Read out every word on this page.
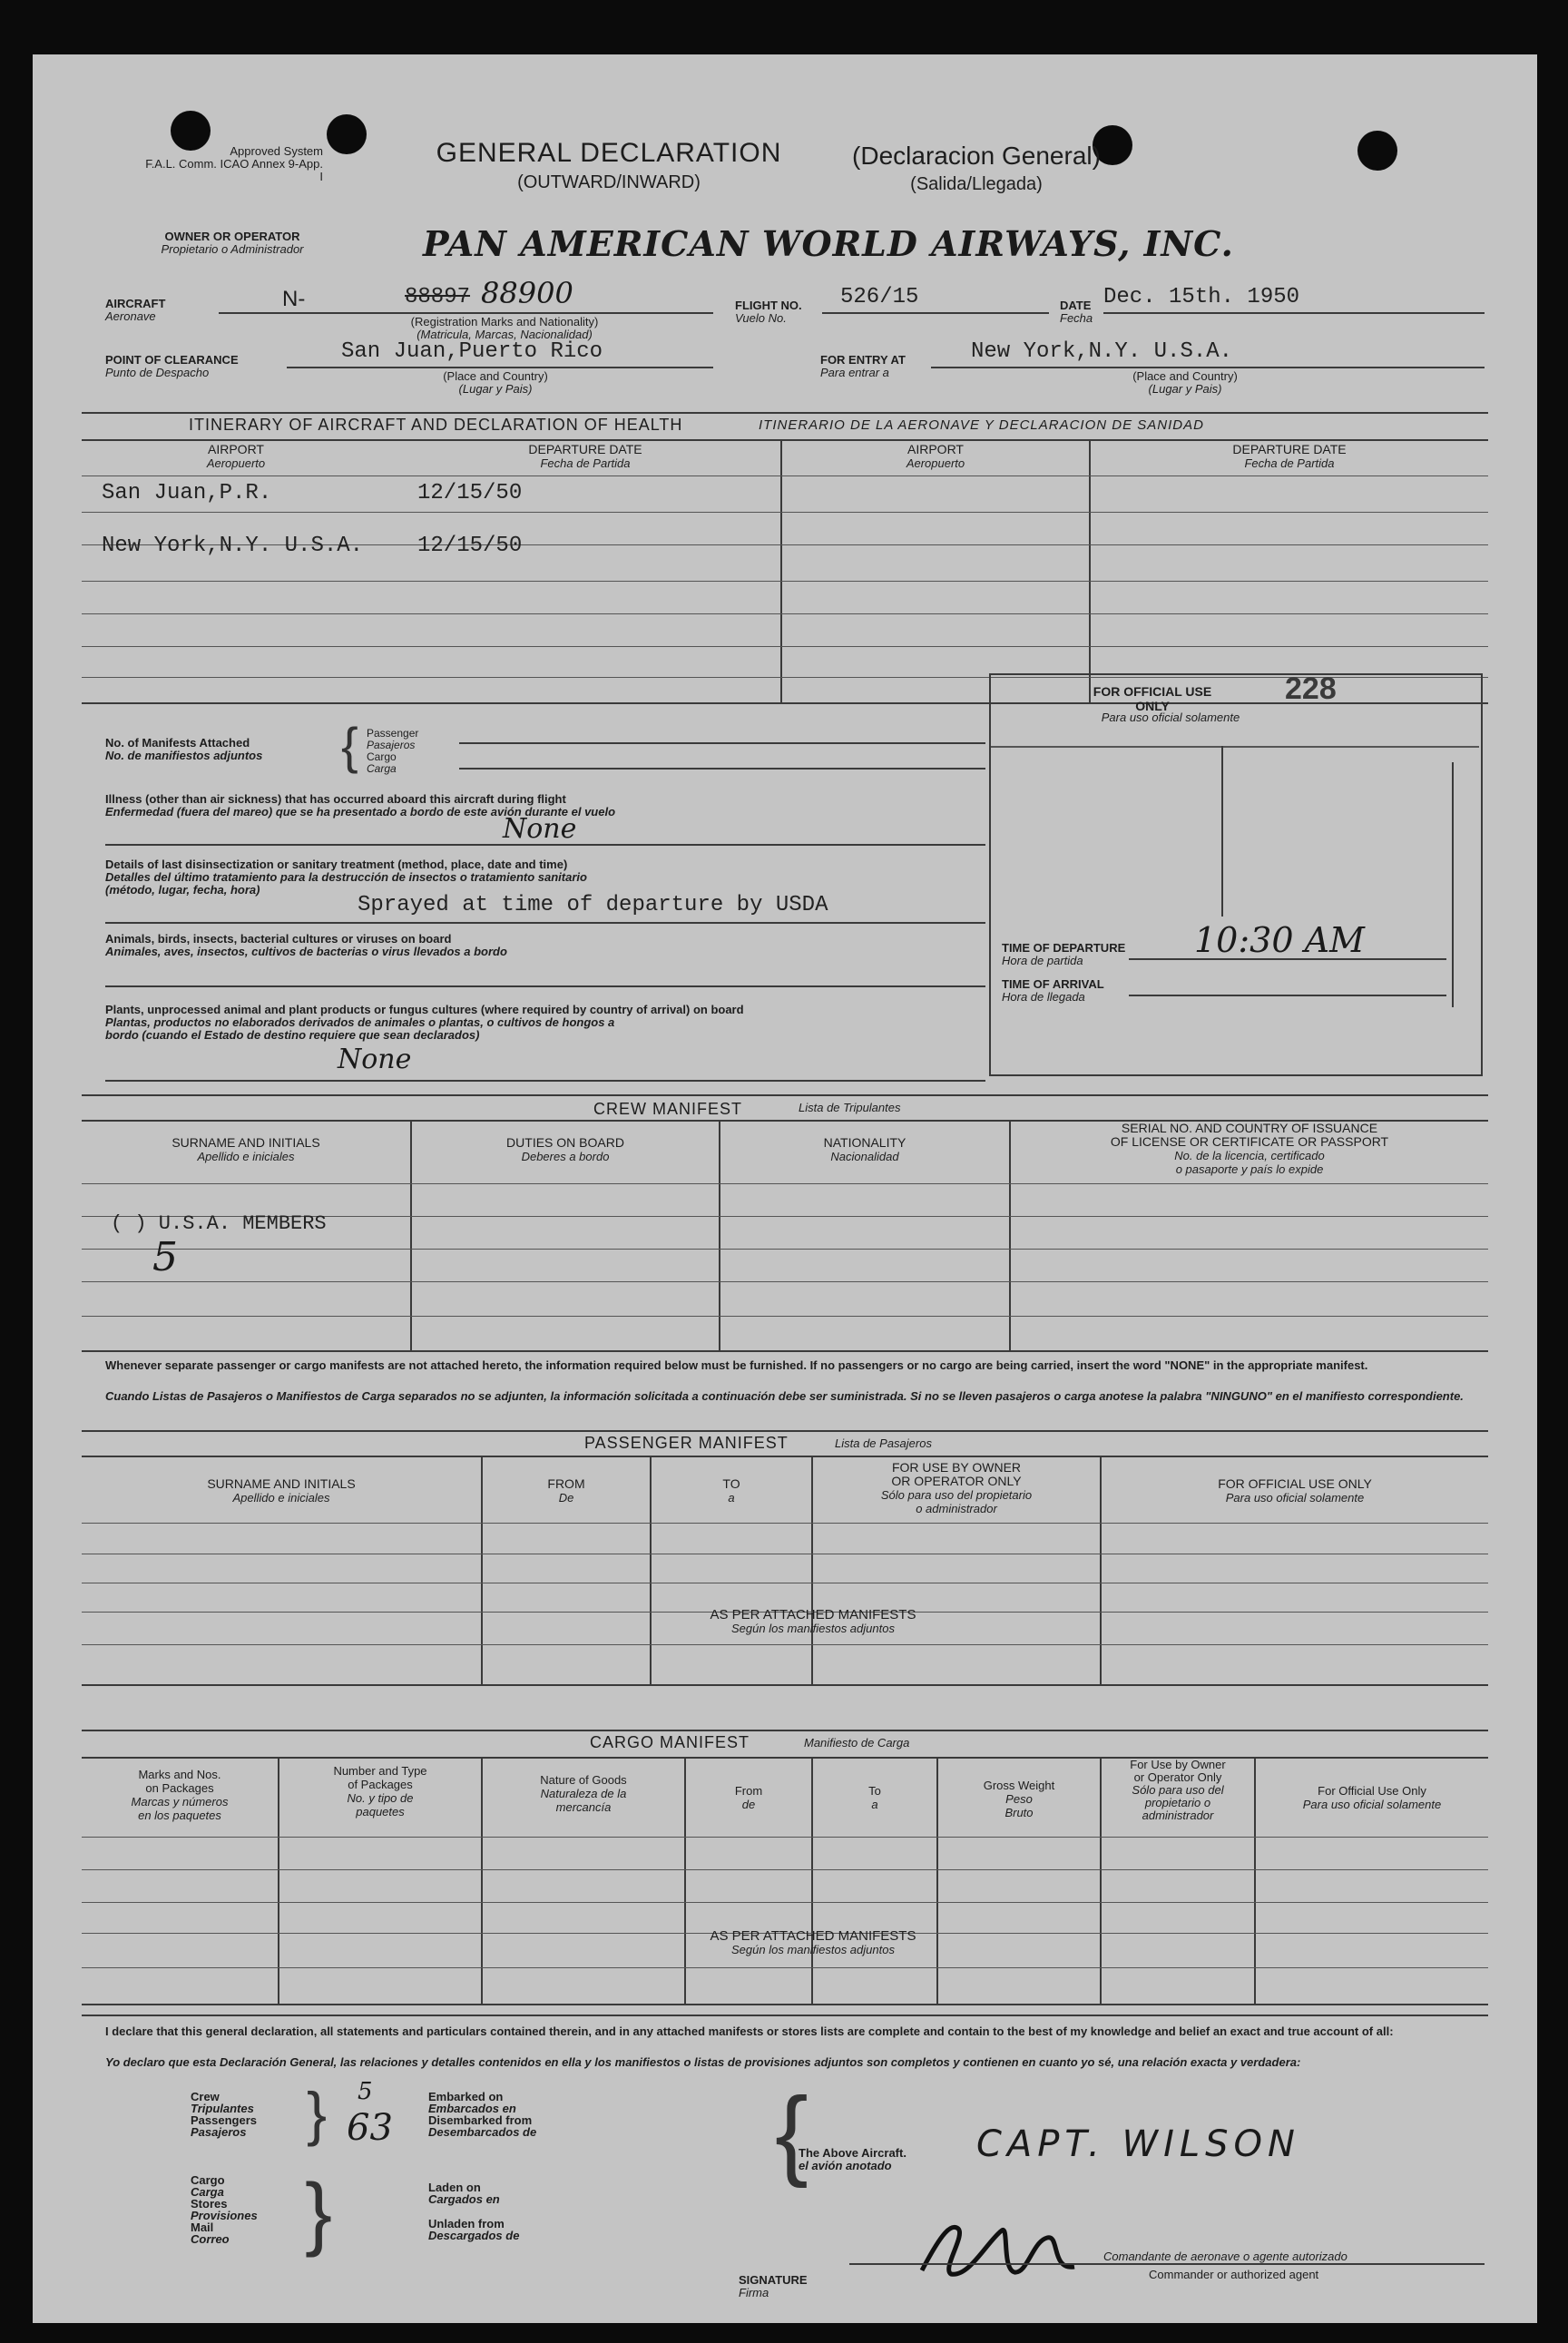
Approved System
F.A.L. Comm. ICAO Annex 9-App. I
GENERAL DECLARATION
(OUTWARD/INWARD)
(Declaracion General)
(Salida/Llegada)
OWNER OR OPERATOR
Propietario o Administrador	PAN AMERICAN WORLD AIRWAYS, INC.
AIRCRAFT
Aeronave
N-	88897 88900
(Registration Marks and Nationality)
(Matricula, Marcas, Nacionalidad)
FLIGHT NO.
Vuelo No.
526/15	DATE
Fecha
Dec. 15th. 1950
POINT OF CLEARANCE
Punto de Despacho
San Juan,Puerto Rico
(Place and Country)
(Lugar y Pais)
FOR ENTRY AT
Para entrar a
New York,N.Y. U.S.A.
(Place and Country)
(Lugar y Pais)
ITINERARY OF AIRCRAFT AND DECLARATION OF HEALTH	ITINERARIO DE LA AERONAVE Y DECLARACION DE SANIDAD
AIRPORT
Aeropuerto
DEPARTURE DATE
Fecha de Partida
AIRPORT
Aeropuerto
DEPARTURE DATE
Fecha de Partida
San Juan,P.R.	12/15/50
New York,N.Y. U.S.A. 12/15/50
No. of Manifests Attached
No. de manifiestos adjuntos { Passenger
Pasajeros
Cargo
Carga
Illness (other than air sickness) that has occurred aboard this aircraft during flight
Enfermedad (fuera del mareo) que se ha presentado a bordo de este avión durante el vuelo
None
Details of last disinsectization or sanitary treatment (method, place, date and time)
Detalles del último tratamiento para la destrucción de insectos o tratamiento sanitario
(método, lugar, fecha, hora)
Sprayed at time of departure by USDA
Animals, birds, insects, bacterial cultures or viruses on board
Animales, aves, insectos, cultivos de bacterias o virus llevados a bordo
Plants, unprocessed animal and plant products or fungus cultures (where required by country of arrival) on board
Plantas, productos no elaborados derivados de animales o plantas, o cultivos de hongos a
bordo (cuando el Estado de destino requiere que sean declarados)
None
FOR OFFICIAL USE ONLY
Para uso oficial solamente
228
TIME OF DEPARTURE
Hora de partida
10:30 AM
TIME OF ARRIVAL
Hora de llegada
CREW MANIFEST	Lista de Tripulantes
SURNAME AND INITIALS
Apellido e iniciales
DUTIES ON BOARD
Deberes a bordo
NATIONALITY
Nacionalidad
SERIAL NO. AND COUNTRY OF ISSUANCE
OF LICENSE OR CERTIFICATE OR PASSPORT
No. de la licencia, certificado
o pasaporte y país lo expide
( ) U.S.A. MEMBERS
5
Whenever separate passenger or cargo manifests are not attached hereto, the information required below must be furnished. If no passengers or no cargo are being carried, insert the word "NONE" in the appropriate manifest.
Cuando Listas de Pasajeros o Manifiestos de Carga separados no se adjunten, la información solicitada a continuación debe ser suministrada. Si no se lleven pasajeros o carga anotese la palabra "NINGUNO" en el manifiesto correspondiente.
PASSENGER MANIFEST	Lista de Pasajeros
SURNAME AND INITIALS
Apellido e iniciales
FROM
De
TO
a
FOR USE BY OWNER
OR OPERATOR ONLY
Sólo para uso del propietario
o administrador
FOR OFFICIAL USE ONLY
Para uso oficial solamente
AS PER ATTACHED MANIFESTS
Según los manifiestos adjuntos
CARGO MANIFEST	Manifiesto de Carga
Marks and Nos.
on Packages
Marcas y números
en los paquetes
Number and Type
of Packages
No. y tipo de
paquetes
Nature of Goods
Naturaleza de la
mercancía
From
de
To
a
Gross Weight
Peso
Bruto
For Use by Owner
or Operator Only
Sólo para uso del
propietario o
administrador
For Official Use Only
Para uso oficial solamente
AS PER ATTACHED MANIFESTS
Según los manifiestos adjuntos
I declare that this general declaration, all statements and particulars contained therein, and in any attached manifests or stores lists are complete and contain to the best of my knowledge and belief an exact and true account of all:
Yo declaro que esta Declaración General, las relaciones y detalles contenidos en ella y los manifiestos o listas de provisiones adjuntos son completos y contienen en cuanto yo sé, una relación exacta y verdadera:
Crew
Tripulantes
Passengers
Pasajeros } 5
63
Embarked on
Embarcados en
Disembarked from
Desembarcados de
Cargo
Carga
Stores
Provisiones
Mail
Correo }	Laden on
Cargados en
Unladen from
Descargados de
{
The Above Aircraft.
el avión anotado
CAPT. WILSON
Comandante de aeronave o agente autorizado
Commander or authorized agent
SIGNATURE
Firma
